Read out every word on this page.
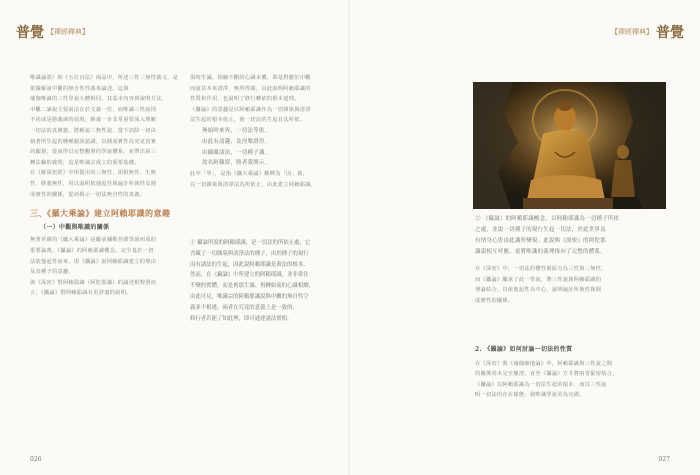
普覺 【禪經釋典】

唯識論部）和《五位百法》兩品中，所述三性三無性義文，是依據解說中觀的無自性性義來論述。這與

瑜伽唯識的三性學說大體相同，其基本內容與說明方法，

中觀二諦說主要說法在於文義一位，而唯識三性說則

不同或是勝義諦的展現，勝義一步非常重要深入理解

一切法的真實義，將解說三無性說，當下消除一切由

執著所生起的種種錯誤認識，以圓成實性為究竟真實

的顯現，從而得以完整觀照的學說體系，並帶出第三

轉法輪的義理，這是唯識宗成立的重要基礎。

在《解深密經》中所提出的三無性，即相無性、生無

性、勝義無性，用以說明依他起性與遍計所執性及圓

成實性的關係，從而揭示一切法無自性的真義。

三、《攝大乘論》建立阿賴耶識的意趣
（一）中觀與唯識的關係

無著菩薩的《攝大乘論》是繼承彌勒菩薩學說而成的

重要論典，《攝論》的阿賴耶識概念，完全基於一切

法依他起性而來，即《攝論》說阿賴耶識建立的理由

及其種子的意趣。

與《深密》對阿賴耶識（阿陀那識）的論述相對照而

言，《攝論》對阿賴耶識有更詳盡的說明。

俱時生滅，相續不斷的心識本體，即是對應於中觀

而說其本來清淨、無所得義，以此說明阿賴耶識的

性質和作用，也說明了修行轉依的根本道理。

《攝論》的意趣是以阿賴耶識作為一切雜染與清淨

法生起的根本依止，使一切法的生起有其所依。

無始時來界，一切法等依。

由此有諸趣，及涅槃證得。

由攝藏諸法，一切種子識。

故名阿賴耶，勝者我開示。

此中「界」，是指《攝大乘論》解釋為「因」義，

以一切雜染與清淨法為所依止，由此建立阿賴耶識。

① 攝論所說的阿賴耶識，是一切法的所依止處，它

含藏了一切雜染與清淨法的種子，由於種子的現行

而有諸法的生起，因此說阿賴耶識是萬法的根本。

然而，在《攝論》中所建立的阿賴耶識，並非常住

不變的實體，而是剎那生滅、恆轉如流的心識相續。

由此可見，唯識宗的阿賴耶識說與中觀的無自性空

義並不相違，兩者在究竟的意義上是一致的。

修行者若能了知此理，即可通達諸法實相。

026
【禪經釋典】 普覺

② 《攝論》的阿賴耶識概念，以阿賴耶識為一切種子所依

之處，並說一切種子的現行生起一切法，於此世界及

有情身心皆由此識所變現。此說與《深密》的阿陀那

識說相互呼應，更將唯識的義理推向了完整的體系。

在《深密》中，一切法的體性被區分為三性與三無性，

而《攝論》繼承了此一學說，將三性說與阿賴耶識的

理論結合，以依他起性為中心，說明遍計所執性與圓

成實性的關係。

2. 《攝論》如何討論一切法的性質

在《深密》與《瑜伽師地論》中，阿賴耶識與三性說之間

的關係尚未完全釐清，直至《攝論》方才將兩者緊密結合。

《攝論》以阿賴耶識為一切法生起的根本，而以三性說

明一切法的存在樣態，使唯識學說更為完備。

027
